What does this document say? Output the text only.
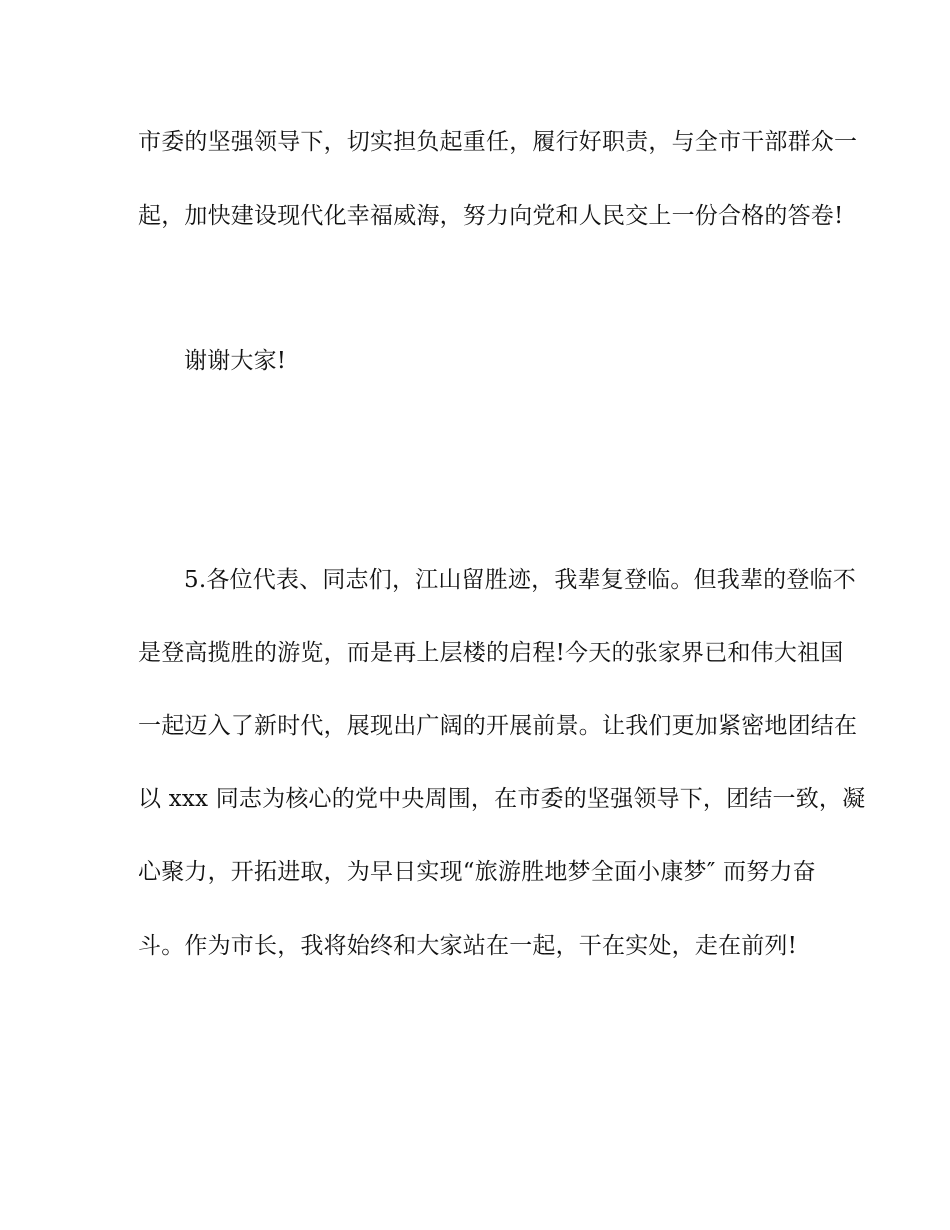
市委的坚强领导下，切实担负起重任，履行好职责，与全市干部群众一
起，加快建设现代化幸福威海，努力向党和人民交上一份合格的答卷!
谢谢大家!
5.各位代表、同志们，江山留胜迹，我辈复登临。但我辈的登临不
是登高揽胜的游览，而是再上层楼的启程!今天的张家界已和伟大祖国
一起迈入了新时代，展现出广阔的开展前景。让我们更加紧密地团结在
以 xxx 同志为核心的党中央周围，在市委的坚强领导下，团结一致，凝
心聚力，开拓进取，为早日实现“旅游胜地梦全面小康梦″ 而努力奋
斗。作为市长，我将始终和大家站在一起，干在实处，走在前列!
